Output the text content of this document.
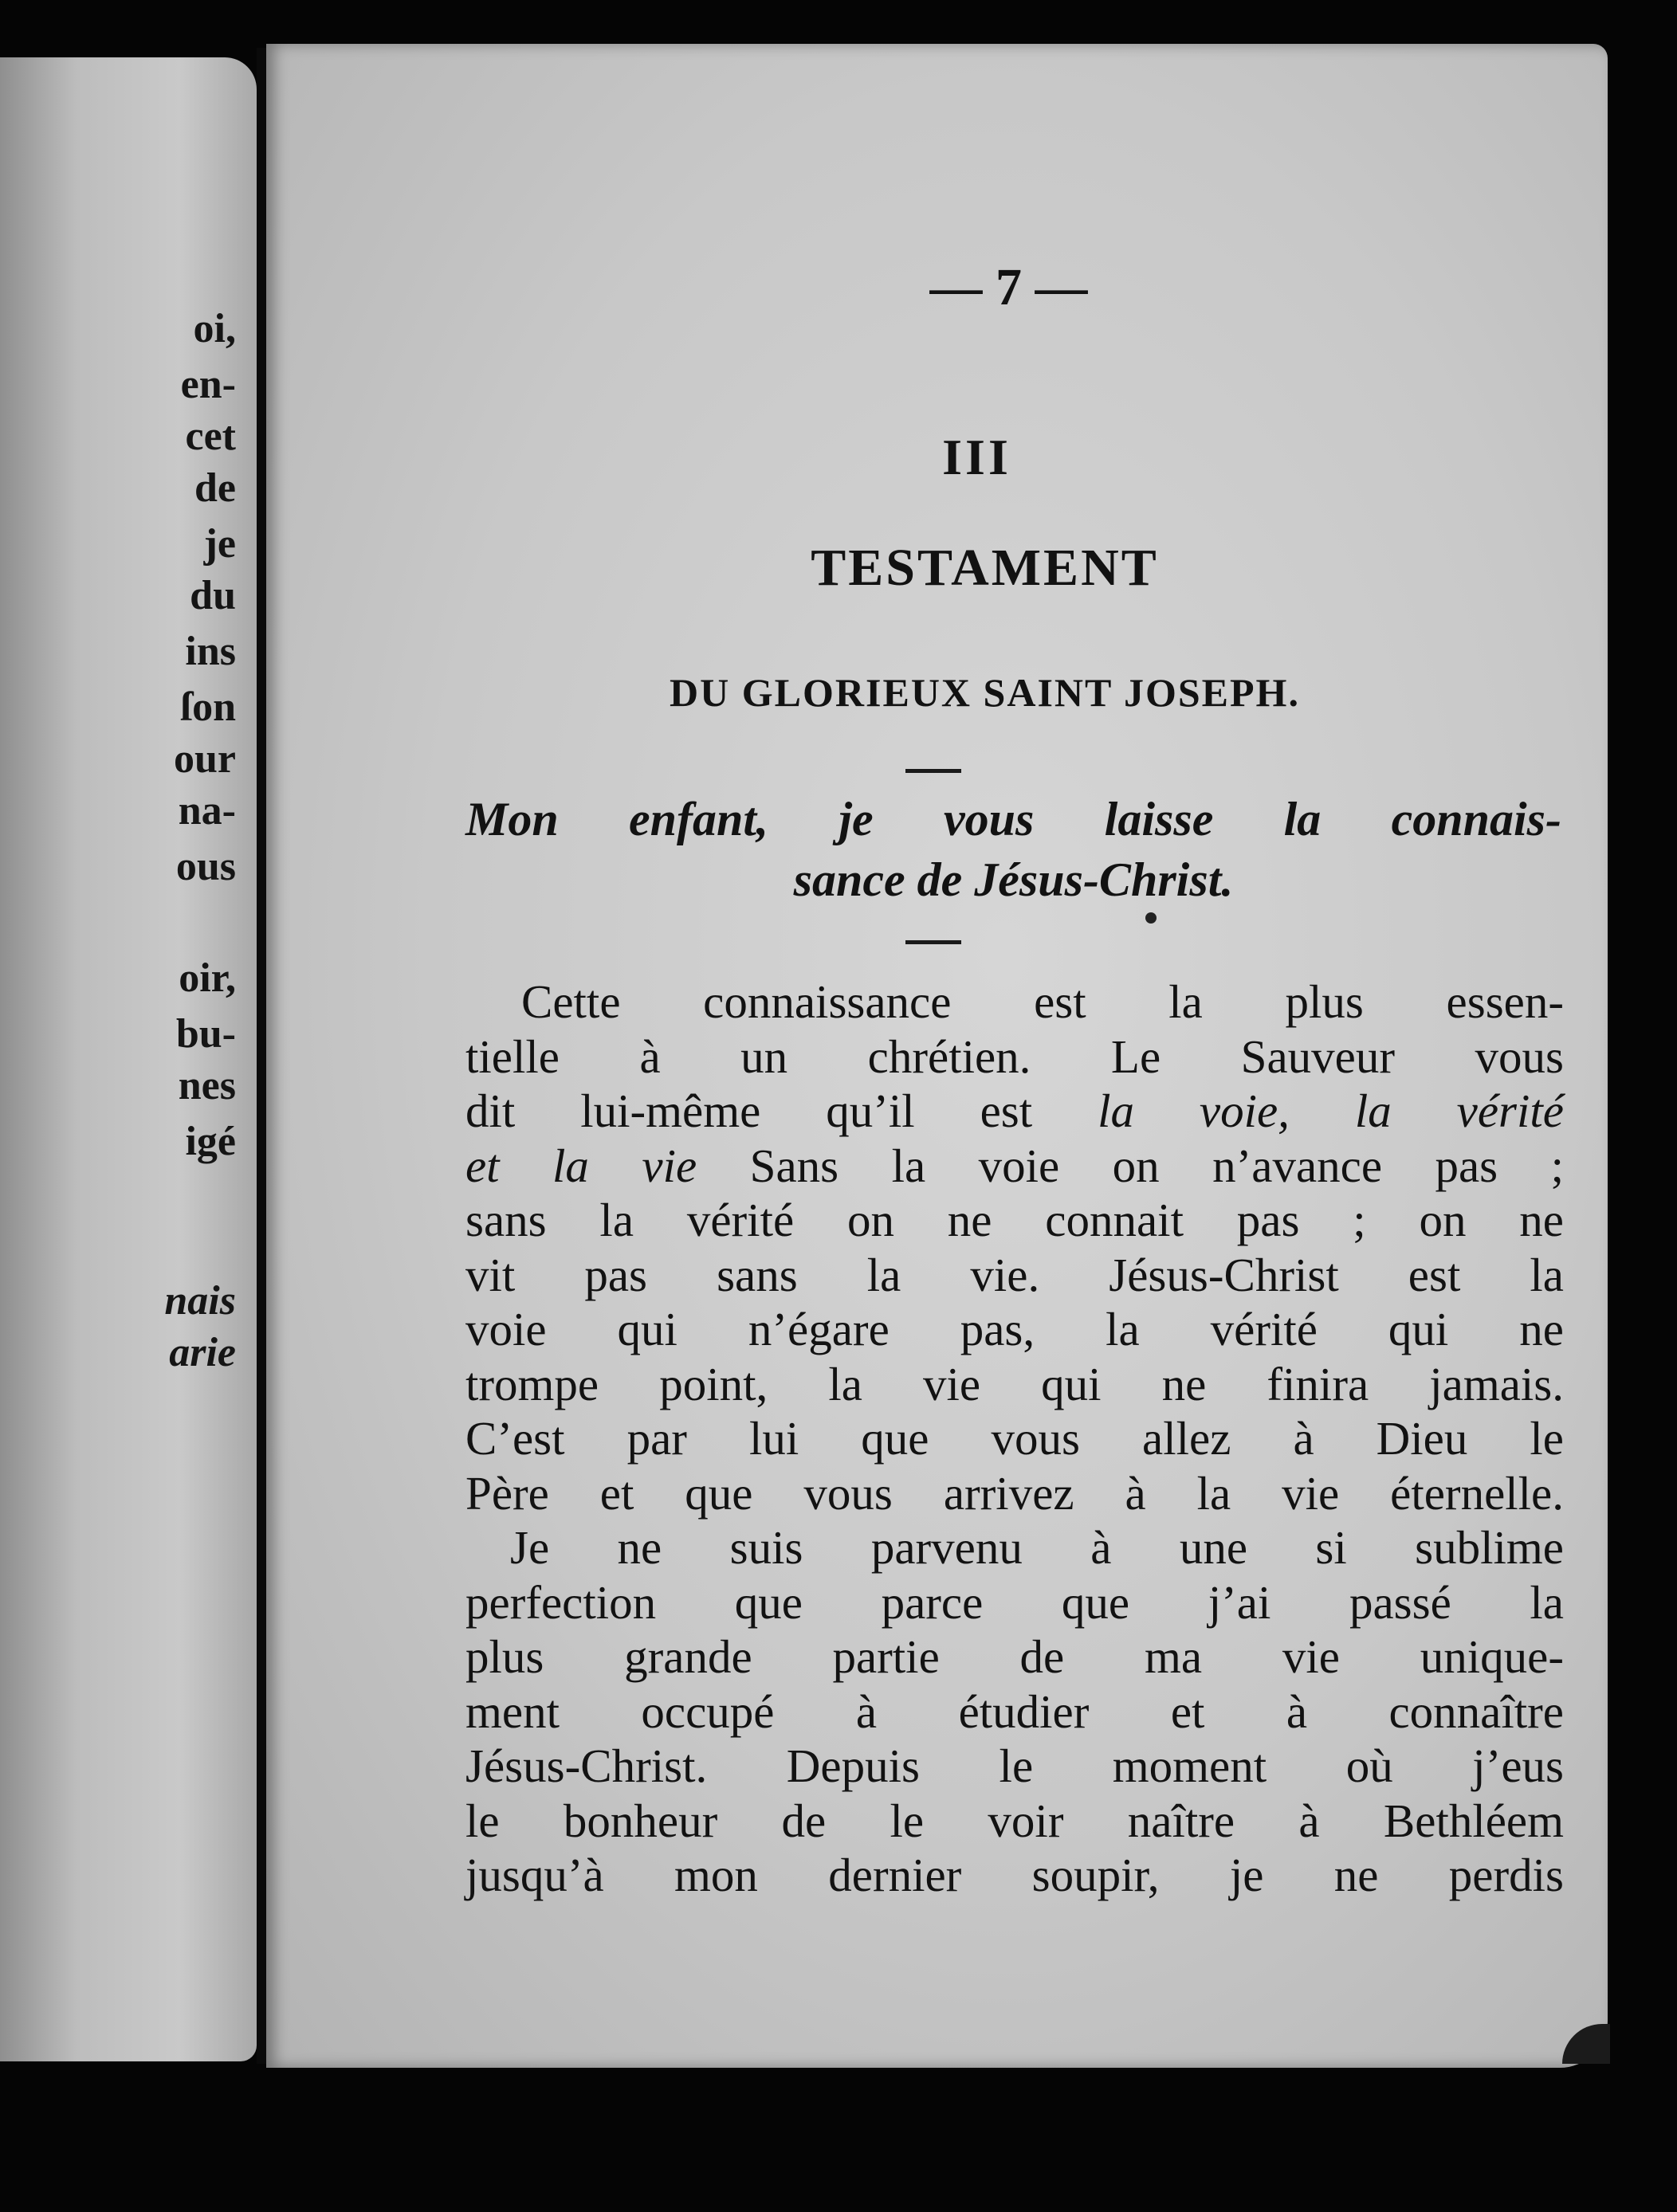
oi,
en-
cet
de
je
du
ins
ſon
our
na-
ous
oir,
bu-
nes
igé
nais
arie
— 7 —
III
TESTAMENT
DU GLORIEUX SAINT JOSEPH.
Mon enfant, je vous laisse la connais-
sance de Jésus-Christ.
Cette connaissance est la plus essen-
tielle à un chrétien. Le Sauveur vous
dit lui-même qu’il est la voie, la vérité
et la vie Sans la voie on n’avance pas ;
sans la vérité on ne connait pas ; on ne
vit pas sans la vie. Jésus-Christ est la
voie qui n’égare pas, la vérité qui ne
trompe point, la vie qui ne finira jamais.
C’est par lui que vous allez à Dieu le
Père et que vous arrivez à la vie éternelle.
Je ne suis parvenu à une si sublime
perfection que parce que j’ai passé la
plus grande partie de ma vie unique-
ment occupé à étudier et à connaître
Jésus-Christ. Depuis le moment où j’eus
le bonheur de le voir naître à Bethléem
jusqu’à mon dernier soupir, je ne perdis
